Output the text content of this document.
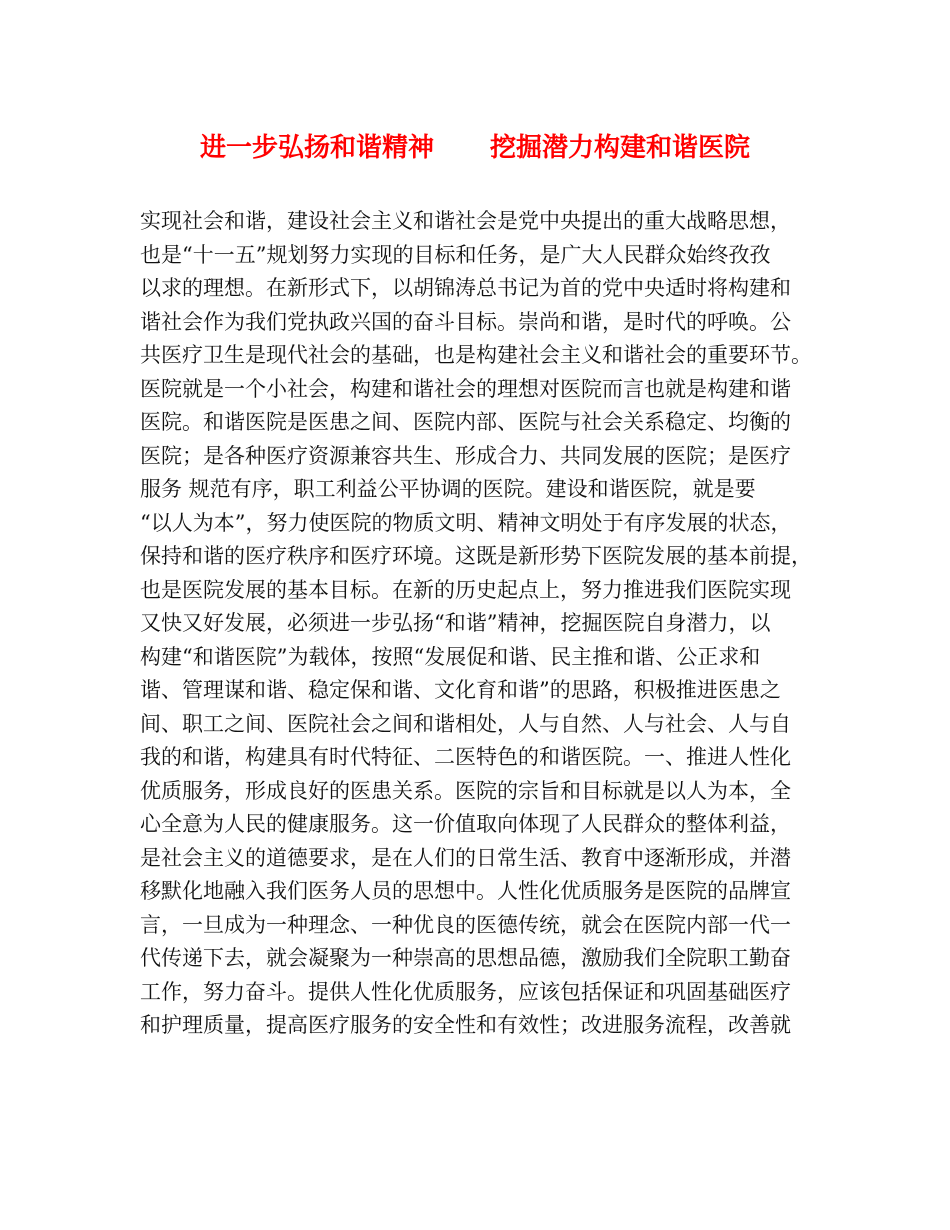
进一步弘扬和谐精神 挖掘潜力构建和谐医院
实现社会和谐，建设社会主义和谐社会是党中央提出的重大战略思想，
也是“十一五”规划努力实现的目标和任务，是广大人民群众始终孜孜
以求的理想。在新形式下，以胡锦涛总书记为首的党中央适时将构建和
谐社会作为我们党执政兴国的奋斗目标。崇尚和谐，是时代的呼唤。公
共医疗卫生是现代社会的基础，也是构建社会主义和谐社会的重要环节。
医院就是一个小社会，构建和谐社会的理想对医院而言也就是构建和谐
医院。和谐医院是医患之间、医院内部、医院与社会关系稳定、均衡的
医院；是各种医疗资源兼容共生、形成合力、共同发展的医院；是医疗
服务 规范有序，职工利益公平协调的医院。建设和谐医院，就是要
“以人为本”，努力使医院的物质文明、精神文明处于有序发展的状态，
保持和谐的医疗秩序和医疗环境。这既是新形势下医院发展的基本前提，
也是医院发展的基本目标。在新的历史起点上，努力推进我们医院实现
又快又好发展，必须进一步弘扬“和谐”精神，挖掘医院自身潜力，以
构建“和谐医院”为载体，按照“发展促和谐、民主推和谐、公正求和
谐、管理谋和谐、稳定保和谐、文化育和谐”的思路，积极推进医患之
间、职工之间、医院社会之间和谐相处，人与自然、人与社会、人与自
我的和谐，构建具有时代特征、二医特色的和谐医院。一、推进人性化
优质服务，形成良好的医患关系。医院的宗旨和目标就是以人为本，全
心全意为人民的健康服务。这一价值取向体现了人民群众的整体利益，
是社会主义的道德要求，是在人们的日常生活、教育中逐渐形成，并潜
移默化地融入我们医务人员的思想中。人性化优质服务是医院的品牌宣
言，一旦成为一种理念、一种优良的医德传统，就会在医院内部一代一
代传递下去，就会凝聚为一种崇高的思想品德，激励我们全院职工勤奋
工作，努力奋斗。提供人性化优质服务，应该包括保证和巩固基础医疗
和护理质量，提高医疗服务的安全性和有效性；改进服务流程，改善就
